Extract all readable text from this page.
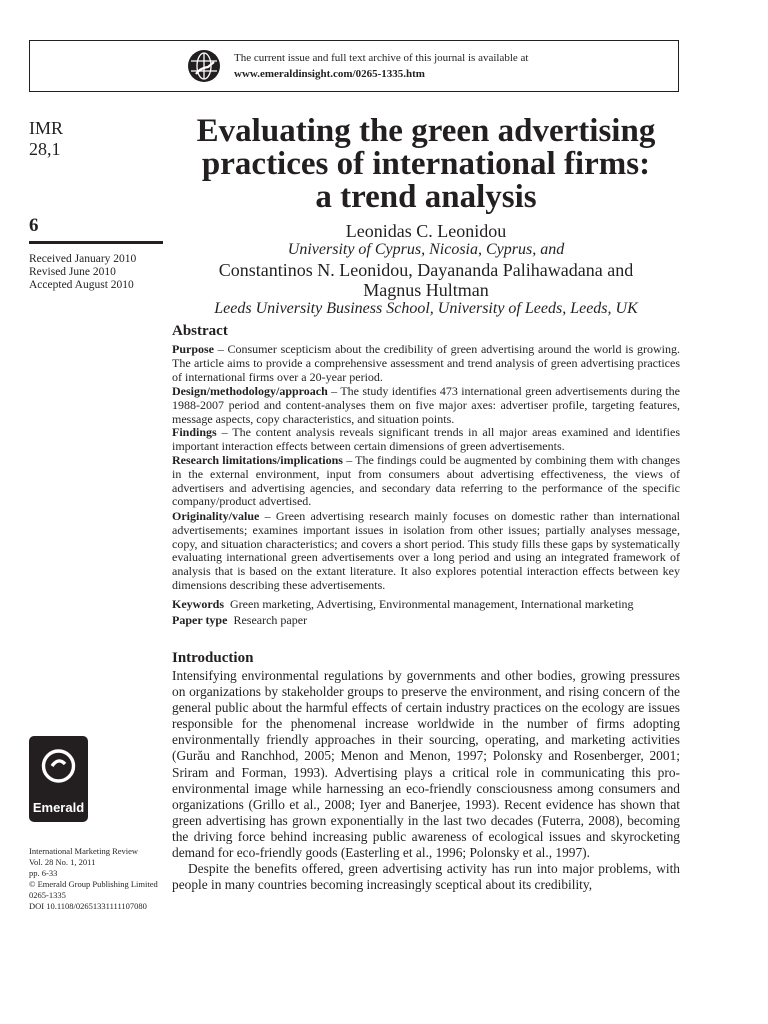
The current issue and full text archive of this journal is available at
www.emeraldinsight.com/0265-1335.htm
IMR
28,1
6
Received January 2010
Revised June 2010
Accepted August 2010
Emerald
International Marketing Review
Vol. 28 No. 1, 2011
pp. 6-33
© Emerald Group Publishing Limited
0265-1335
DOI 10.1108/02651331111107080
Evaluating the green advertising
practices of international firms:
a trend analysis
Leonidas C. Leonidou
University of Cyprus, Nicosia, Cyprus, and
Constantinos N. Leonidou, Dayananda Palihawadana and
Magnus Hultman
Leeds University Business School, University of Leeds, Leeds, UK
Abstract
Purpose – Consumer scepticism about the credibility of green advertising around the world is growing. The article aims to provide a comprehensive assessment and trend analysis of green advertising practices of international firms over a 20-year period.
Design/methodology/approach – The study identifies 473 international green advertisements during the 1988-2007 period and content-analyses them on five major axes: advertiser profile, targeting features, message aspects, copy characteristics, and situation points.
Findings – The content analysis reveals significant trends in all major areas examined and identifies important interaction effects between certain dimensions of green advertisements.
Research limitations/implications – The findings could be augmented by combining them with changes in the external environment, input from consumers about advertising effectiveness, the views of advertisers and advertising agencies, and secondary data referring to the performance of the specific company/product advertised.
Originality/value – Green advertising research mainly focuses on domestic rather than international advertisements; examines important issues in isolation from other issues; partially analyses message, copy, and situation characteristics; and covers a short period. This study fills these gaps by systematically evaluating international green advertisements over a long period and using an integrated framework of analysis that is based on the extant literature. It also explores potential interaction effects between key dimensions describing these advertisements.
Keywords Green marketing, Advertising, Environmental management, International marketing
Paper type Research paper
Introduction
Intensifying environmental regulations by governments and other bodies, growing pressures on organizations by stakeholder groups to preserve the environment, and rising concern of the general public about the harmful effects of certain industry practices on the ecology are issues responsible for the phenomenal increase worldwide in the number of firms adopting environmentally friendly approaches in their sourcing, operating, and marketing activities (Gurău and Ranchhod, 2005; Menon and Menon, 1997; Polonsky and Rosenberger, 2001; Sriram and Forman, 1993). Advertising plays a critical role in communicating this pro-environmental image while harnessing an eco-friendly consciousness among consumers and organizations (Grillo et al., 2008; Iyer and Banerjee, 1993). Recent evidence has shown that green advertising has grown exponentially in the last two decades (Futerra, 2008), becoming the driving force behind increasing public awareness of ecological issues and skyrocketing demand for eco-friendly goods (Easterling et al., 1996; Polonsky et al., 1997).
Despite the benefits offered, green advertising activity has run into major problems, with people in many countries becoming increasingly sceptical about its credibility,
